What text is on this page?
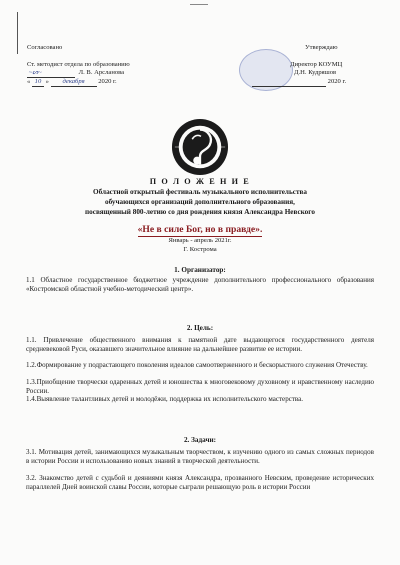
Согласовано
Ст. методист отдела по образованию
~ᔕ~	Л. В. Арсланова
« 10 » декабря 2020 г.
Утверждаю
Директор КОУМЦ
Д.Н. Кудряшов
2020 г.
П О Л О Ж Е Н И Е
Областной открытый фестиваль музыкального исполнительства
обучающихся организаций дополнительного образования,
посвященный 800-летию со дня рождения князя Александра Невского
«Не в силе Бог, но в правде».
Январь - апрель 2021г.
Г. Кострома
1. Организатор:
1.1 Областное государственное бюджетное учреждение дополнительного профессионального образования «Костромской областной учебно-методический центр».
2. Цель:
1.1. Привлечение общественного внимания к памятной дате выдающегося государственного деятеля средневековой Руси, оказавшего значительное влияние на дальнейшее развитие ее истории.
1.2.Формирование у подрастающего поколения идеалов самоотверженного и бескорыстного служения Отечеству.
1.3.Приобщение творчески одаренных детей и юношества к многовековому духовному и нравственному наследию России.
1.4.Выявление талантливых детей и молодёжи, поддержка их исполнительского мастерства.
2. Задачи:
3.1. Мотивация детей, занимающихся музыкальным творчеством, к изучению одного из самых сложных периодов в истории России и использованию новых знаний в творческой деятельности.
3.2. Знакомство детей с судьбой и деяниями князя Александра, прозванного Невским, проведение исторических параллелей Дней воинской славы России, которые сыграли решающую роль в истории России
